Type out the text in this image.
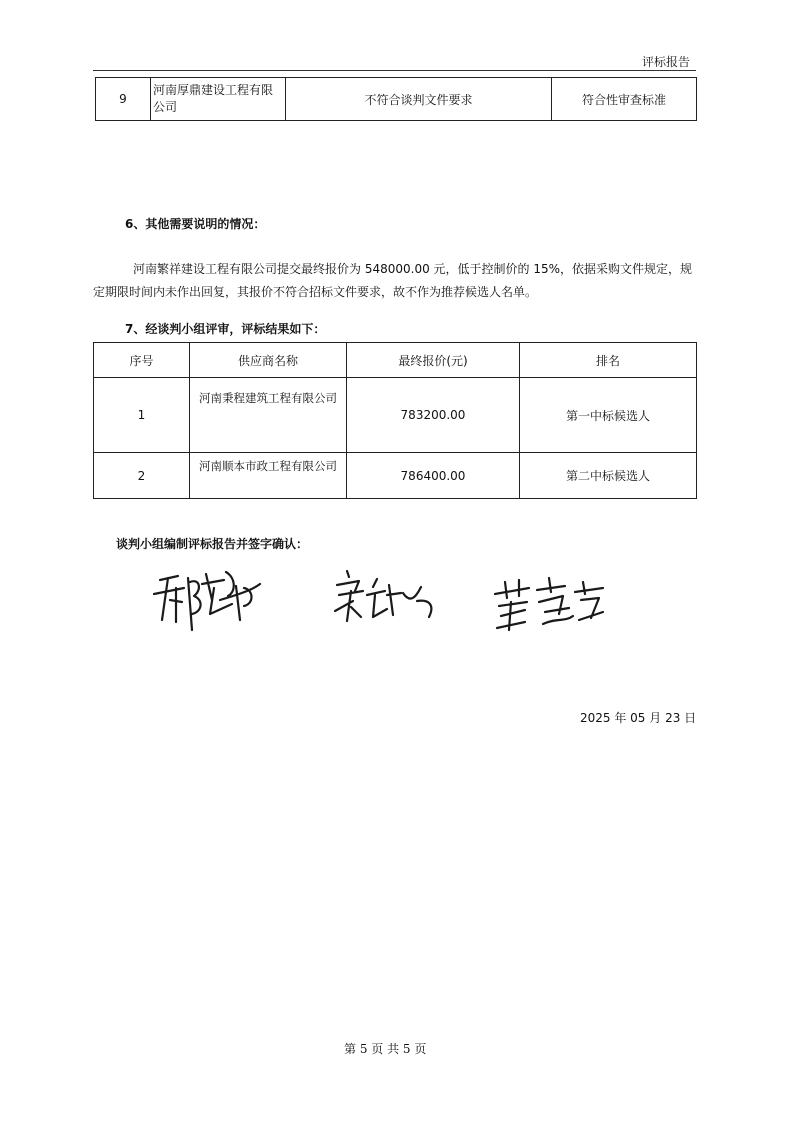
评标报告
9	河南厚鼎建设工程有限公司	不符合谈判文件要求	符合性审查标准
6、其他需要说明的情况：
河南繁祥建设工程有限公司提交最终报价为 548000.00 元，低于控制价的 15%，依据采购文件规定，规定期限时间内未作出回复，其报价不符合招标文件要求，故不作为推荐候选人名单。
7、经谈判小组评审，评标结果如下：
序号	供应商名称	最终报价(元)	排名
1	河南秉程建筑工程有限公司	783200.00	第一中标候选人
2	河南顺本市政工程有限公司	786400.00	第二中标候选人
谈判小组编制评标报告并签字确认：
2025 年 05 月 23 日
第 5 页 共 5 页
